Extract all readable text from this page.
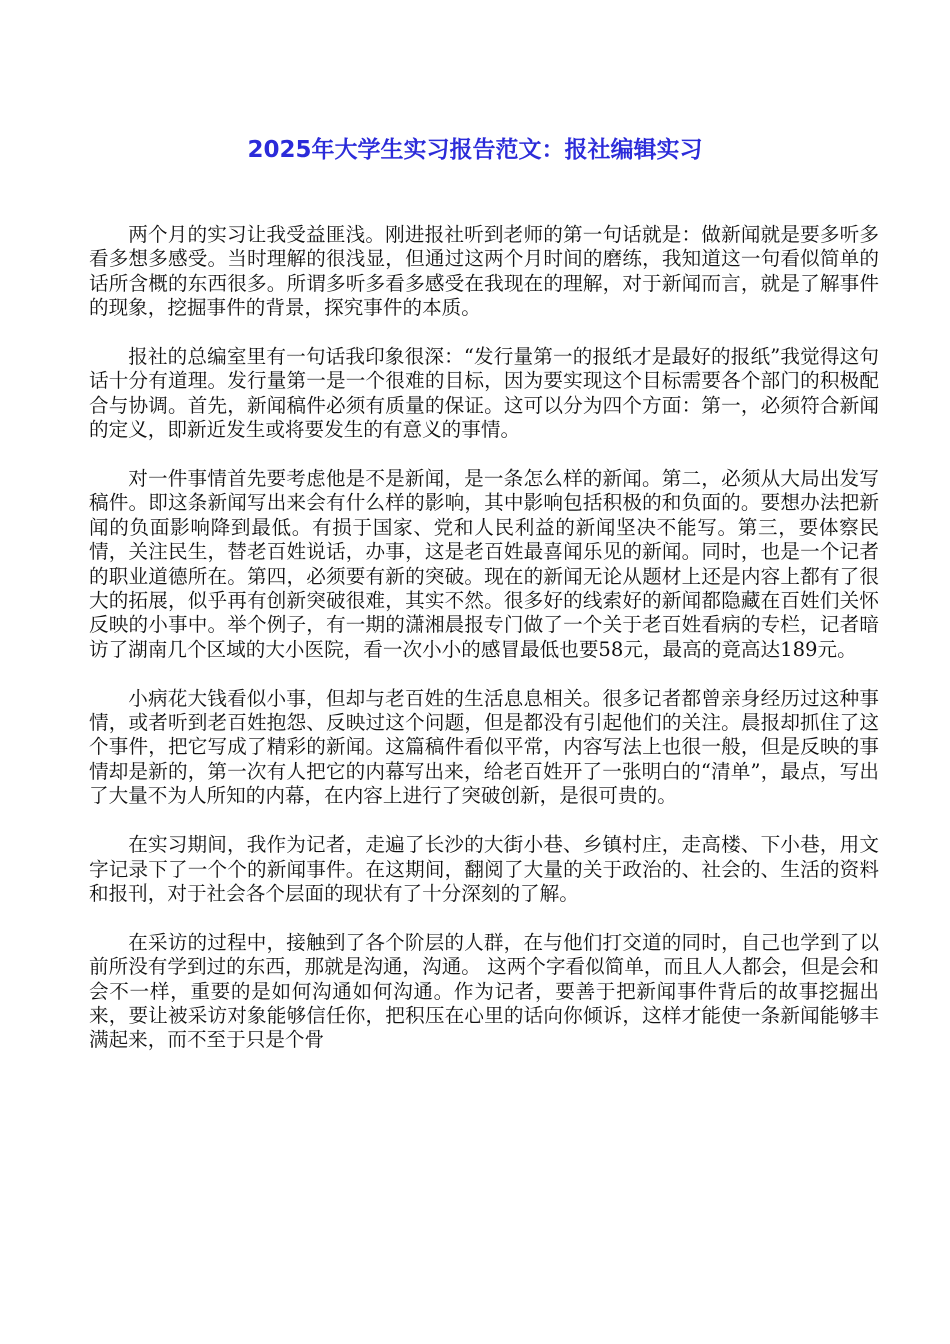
2025年大学生实习报告范文：报社编辑实习

两个月的实习让我受益匪浅。刚进报社听到老师的第一句话就是：做新闻就是要多听多看多想多感受。当时理解的很浅显，但通过这两个月时间的磨练，我知道这一句看似简单的话所含概的东西很多。所谓多听多看多感受在我现在的理解，对于新闻而言，就是了解事件的现象，挖掘事件的背景，探究事件的本质。

报社的总编室里有一句话我印象很深：“发行量第一的报纸才是最好的报纸”我觉得这句话十分有道理。发行量第一是一个很难的目标，因为要实现这个目标需要各个部门的积极配合与协调。首先，新闻稿件必须有质量的保证。这可以分为四个方面：第一，必须符合新闻的定义，即新近发生或将要发生的有意义的事情。

对一件事情首先要考虑他是不是新闻，是一条怎么样的新闻。第二，必须从大局出发写稿件。即这条新闻写出来会有什么样的影响，其中影响包括积极的和负面的。要想办法把新闻的负面影响降到最低。有损于国家、党和人民利益的新闻坚决不能写。第三，要体察民情，关注民生，替老百姓说话，办事，这是老百姓最喜闻乐见的新闻。同时，也是一个记者的职业道德所在。第四，必须要有新的突破。现在的新闻无论从题材上还是内容上都有了很大的拓展，似乎再有创新突破很难，其实不然。很多好的线索好的新闻都隐藏在百姓们关怀反映的小事中。举个例子，有一期的潇湘晨报专门做了一个关于老百姓看病的专栏，记者暗访了湖南几个区域的大小医院，看一次小小的感冒最低也要58元，最高的竟高达189元。

小病花大钱看似小事，但却与老百姓的生活息息相关。很多记者都曾亲身经历过这种事情，或者听到老百姓抱怨、反映过这个问题，但是都没有引起他们的关注。晨报却抓住了这个事件，把它写成了精彩的新闻。这篇稿件看似平常，内容写法上也很一般，但是反映的事情却是新的，第一次有人把它的内幕写出来，给老百姓开了一张明白的“清单”，最点，写出了大量不为人所知的内幕，在内容上进行了突破创新，是很可贵的。

在实习期间，我作为记者，走遍了长沙的大街小巷、乡镇村庄，走高楼、下小巷，用文字记录下了一个个的新闻事件。在这期间，翻阅了大量的关于政治的、社会的、生活的资料和报刊，对于社会各个层面的现状有了十分深刻的了解。

在采访的过程中，接触到了各个阶层的人群，在与他们打交道的同时，自己也学到了以前所没有学到过的东西，那就是沟通，沟通。 这两个字看似简单，而且人人都会，但是会和会不一样，重要的是如何沟通如何沟通。作为记者，要善于把新闻事件背后的故事挖掘出来，要让被采访对象能够信任你，把积压在心里的话向你倾诉，这样才能使一条新闻能够丰满起来，而不至于只是个骨
